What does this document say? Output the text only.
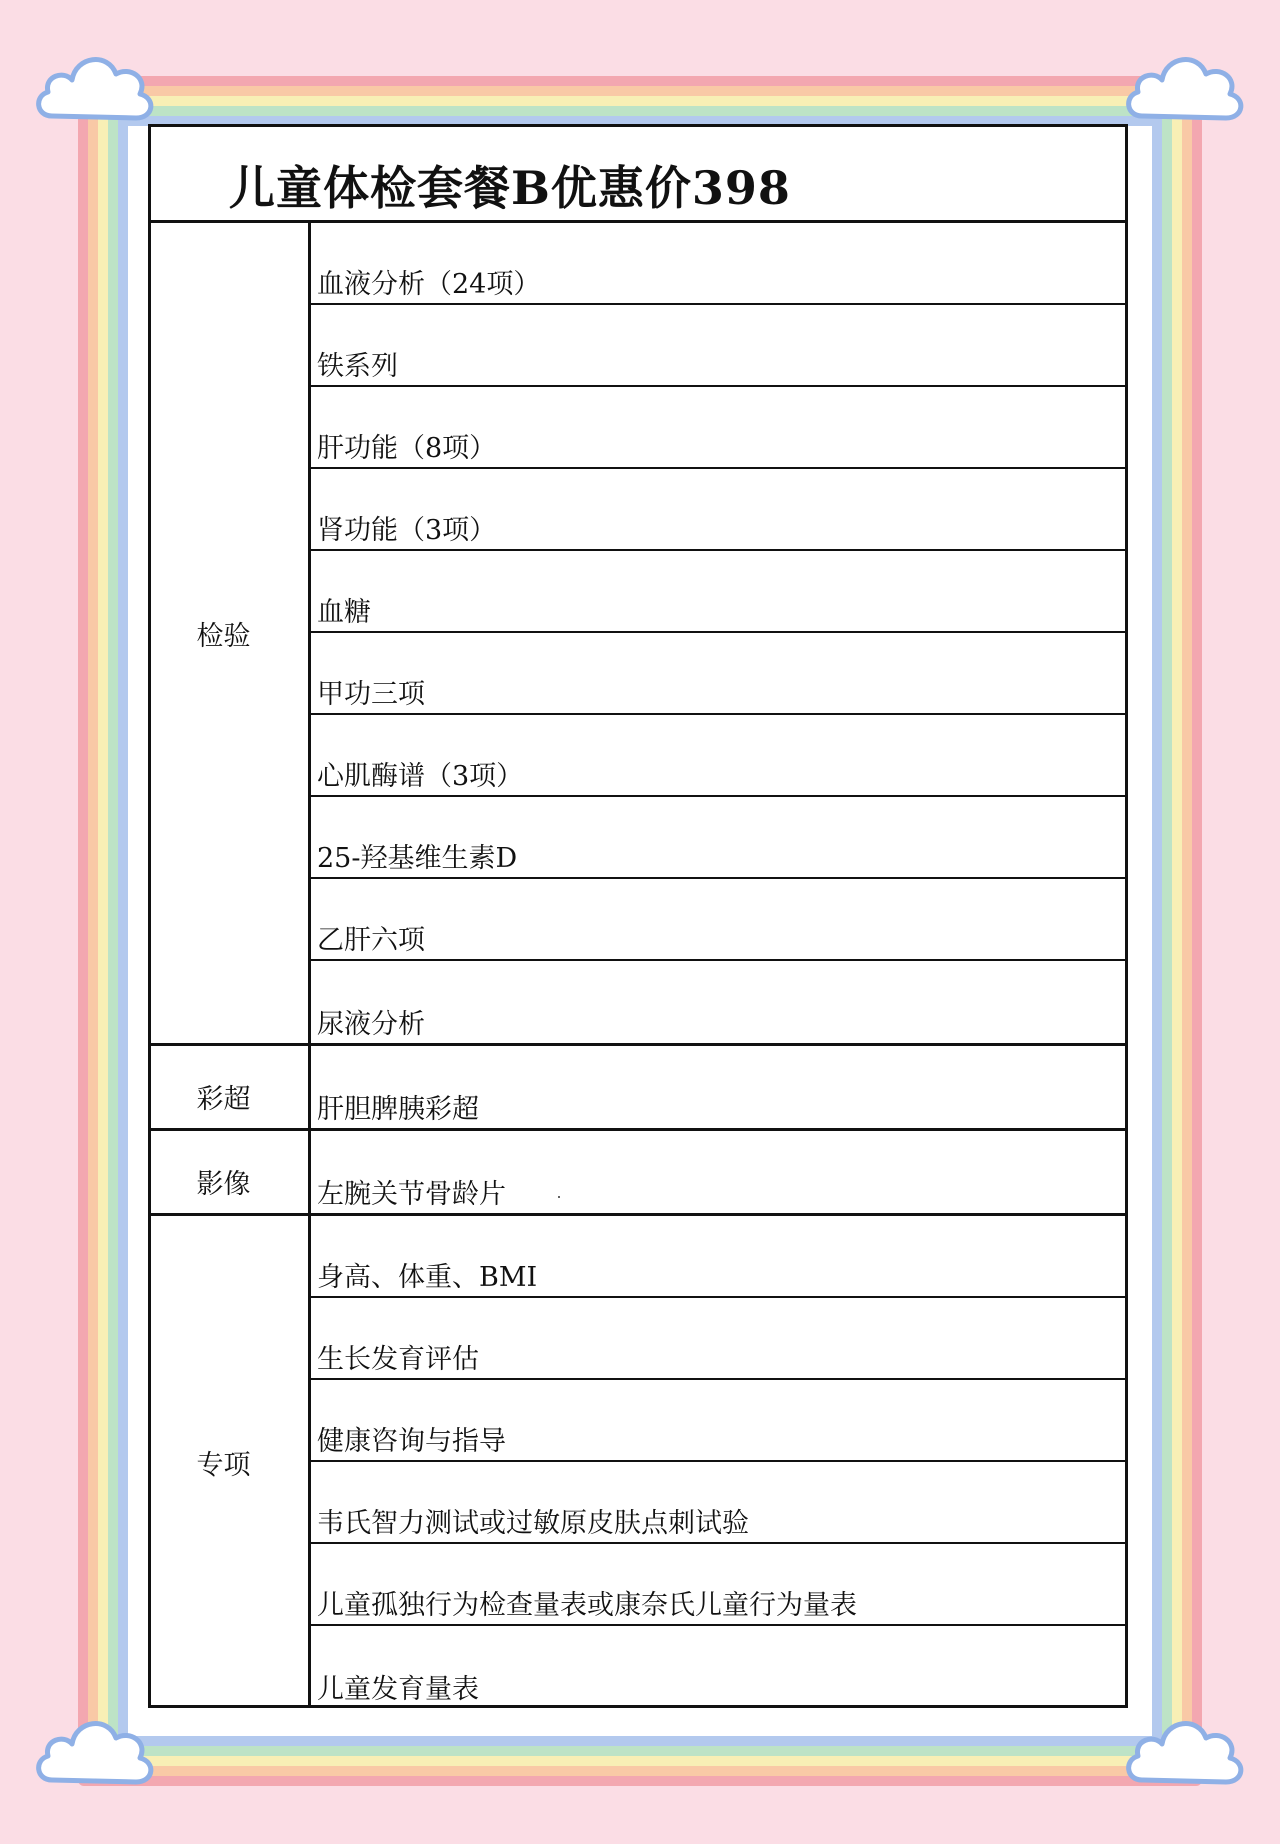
儿童体检套餐B优惠价398
检验
血液分析（24项）
铁系列
肝功能（8项）
肾功能（3项）
血糖
甲功三项
心肌酶谱（3项）
25-羟基维生素D
乙肝六项
尿液分析
彩超	肝胆脾胰彩超
影像	左腕关节骨龄片
专项
身高、体重、BMI
生长发育评估
健康咨询与指导
韦氏智力测试或过敏原皮肤点刺试验
儿童孤独行为检查量表或康奈氏儿童行为量表
儿童发育量表
